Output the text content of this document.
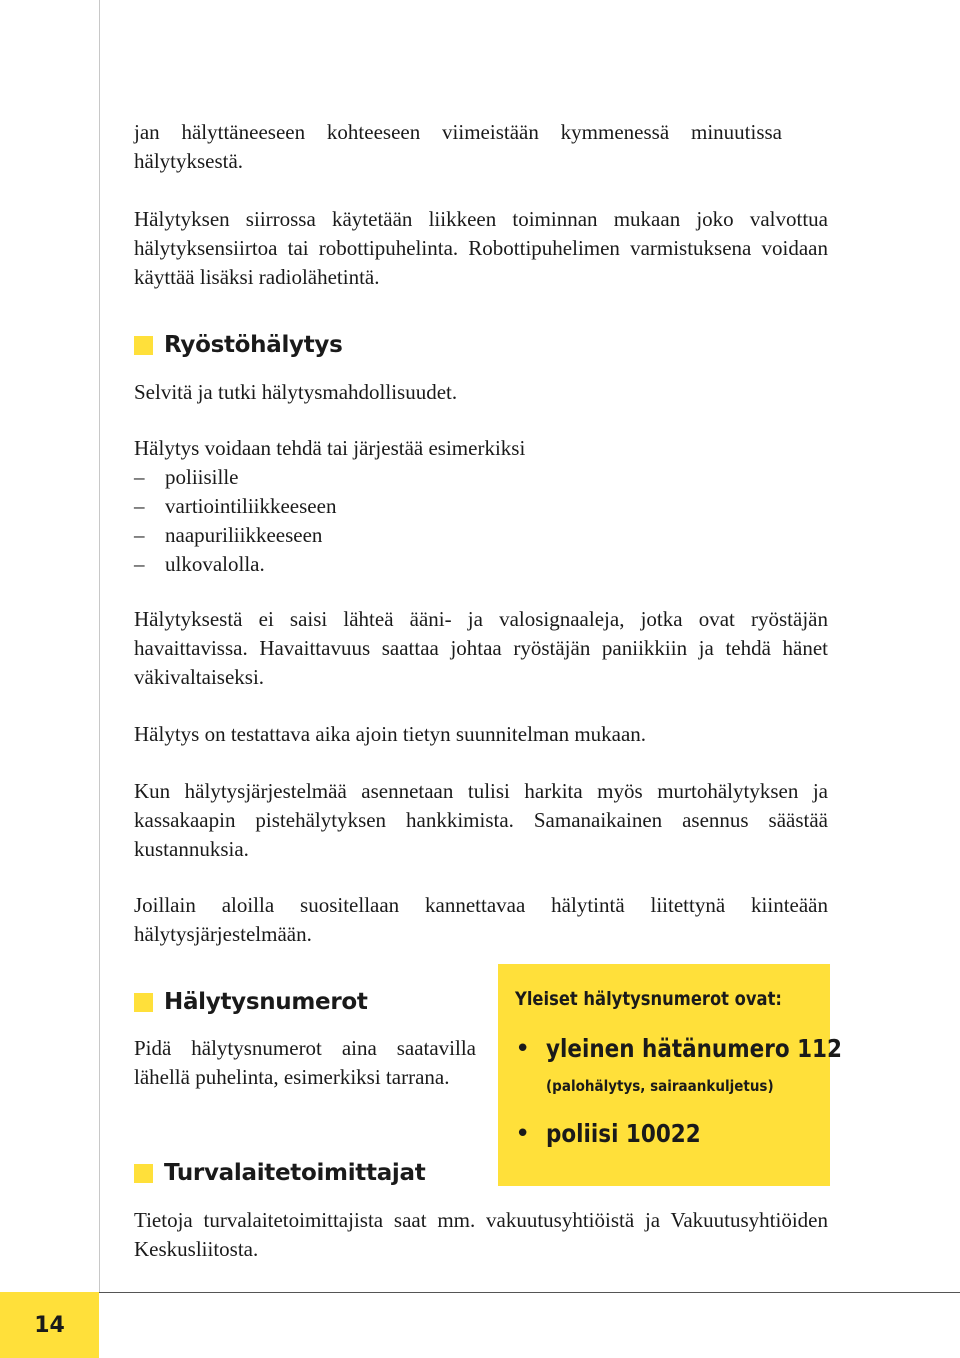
14

jan hälyttäneeseen kohteeseen viimeistään kymmenessä minuutissa hälytyksestä.

Hälytyksen siirrossa käytetään liikkeen toiminnan mukaan joko valvottua hälytyksensiirtoa tai robottipuhelinta. Robottipuhelimen varmistuksena voidaan käyttää lisäksi radiolähetintä.

Ryöstöhälytys

Selvitä ja tutki hälytysmahdollisuudet.

Hälytys voidaan tehdä tai järjestää esimerkiksi

– poliisille
– vartiointiliikkeeseen
– naapuriliikkeeseen
– ulkovalolla.

Hälytyksestä ei saisi lähteä ääni- ja valosignaaleja, jotka ovat ryöstäjän havaittavissa. Havaittavuus saattaa johtaa ryöstäjän paniikkiin ja tehdä hänet väkivaltaiseksi.

Hälytys on testattava aika ajoin tietyn suunnitelman mukaan.

Kun hälytysjärjestelmää asennetaan tulisi harkita myös murtohälytyksen ja kassakaapin pistehälytyksen hankkimista. Samanaikainen asennus säästää kustannuksia.

Joillain aloilla suositellaan kannettavaa hälytintä liitettynä kiinteään hälytysjärjestelmään.

Hälytysnumerot

Pidä hälytysnumerot aina saatavilla lähellä puhelinta, esimerkiksi tarrana.

Turvalaitetoimittajat

Tietoja turvalaitetoimittajista saat mm. vakuutusyhtiöistä ja Vakuutusyhtiöiden Keskusliitosta.

Yleiset hälytysnumerot ovat:
• yleinen hätänumero 112
(palohälytys, sairaankuljetus)
• poliisi 10022
